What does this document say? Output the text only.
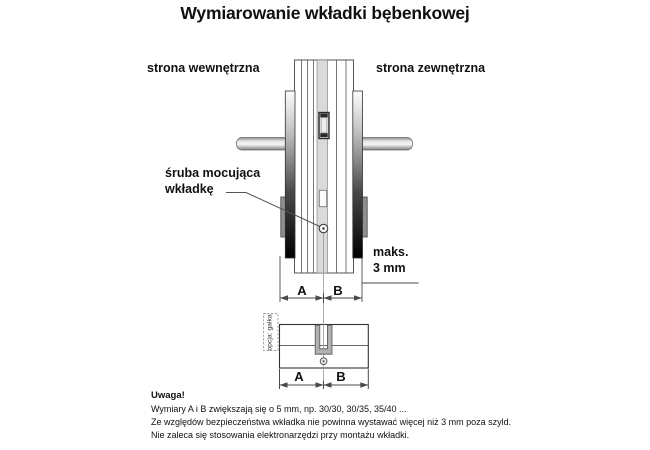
Wymiarowanie wkładki bębenkowej
strona wewnętrzna	strona zewnętrzna
śruba mocująca
wkładkę
maks.
3 mm
A B
A	B
opcja: gałka
Uwaga!
Wymiary A i B zwiększają się o 5 mm, np. 30/30, 30/35, 35/40 ...
Ze względów bezpieczeństwa wkładka nie powinna wystawać więcej niż 3 mm poza szyld.
Nie zaleca się stosowania elektronarzędzi przy montażu wkładki.
